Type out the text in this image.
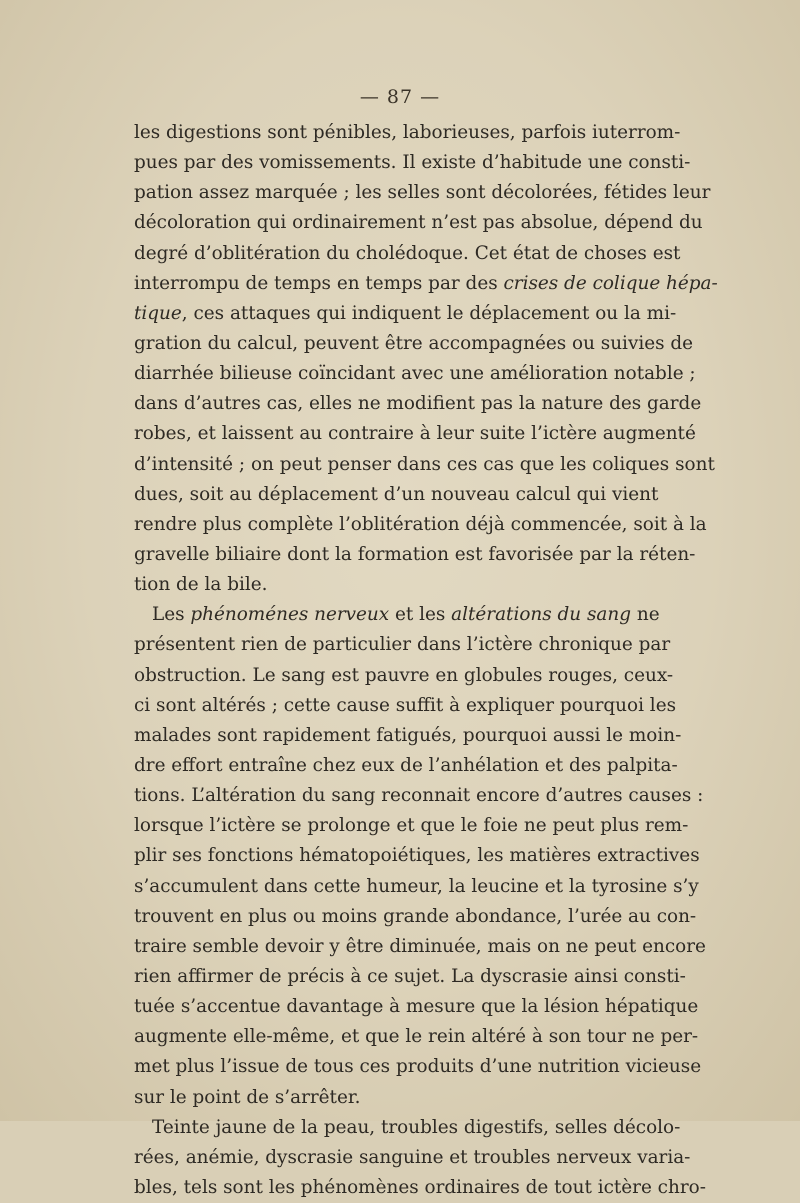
— 87 —
les digestions sont pénibles, laborieuses, parfois iuterrom-
pues par des vomissements. Il existe d’habitude une consti-
pation assez marquée ; les selles sont décolorées, fétides leur
décoloration qui ordinairement n’est pas absolue, dépend du
degré d’oblitération du cholédoque. Cet état de choses est
interrompu de temps en temps par des crises de colique hépa-
tique, ces attaques qui indiquent le déplacement ou la mi-
gration du calcul, peuvent être accompagnées ou suivies de
diarrhée bilieuse coïncidant avec une amélioration notable ;
dans d’autres cas, elles ne modifient pas la nature des garde
robes, et laissent au contraire à leur suite l’ictère augmenté
d’intensité ; on peut penser dans ces cas que les coliques sont
dues, soit au déplacement d’un nouveau calcul qui vient
rendre plus complète l’oblitération déjà commencée, soit à la
gravelle biliaire dont la formation est favorisée par la réten-
tion de la bile.
Les phénoménes nerveux et les altérations du sang ne
présentent rien de particulier dans l’ictère chronique par
obstruction. Le sang est pauvre en globules rouges, ceux-
ci sont altérés ; cette cause suffit à expliquer pourquoi les
malades sont rapidement fatigués, pourquoi aussi le moin-
dre effort entraîne chez eux de l’anhélation et des palpita-
tions. L’altération du sang reconnait encore d’autres causes :
lorsque l’ictère se prolonge et que le foie ne peut plus rem-
plir ses fonctions hématopoiétiques, les matières extractives
s’accumulent dans cette humeur, la leucine et la tyrosine s’y
trouvent en plus ou moins grande abondance, l’urée au con-
traire semble devoir y être diminuée, mais on ne peut encore
rien affirmer de précis à ce sujet. La dyscrasie ainsi consti-
tuée s’accentue davantage à mesure que la lésion hépatique
augmente elle-même, et que le rein altéré à son tour ne per-
met plus l’issue de tous ces produits d’une nutrition vicieuse
sur le point de s’arrêter.
Teinte jaune de la peau, troubles digestifs, selles décolo-
rées, anémie, dyscrasie sanguine et troubles nerveux varia-
bles, tels sont les phénomènes ordinaires de tout ictère chro-
